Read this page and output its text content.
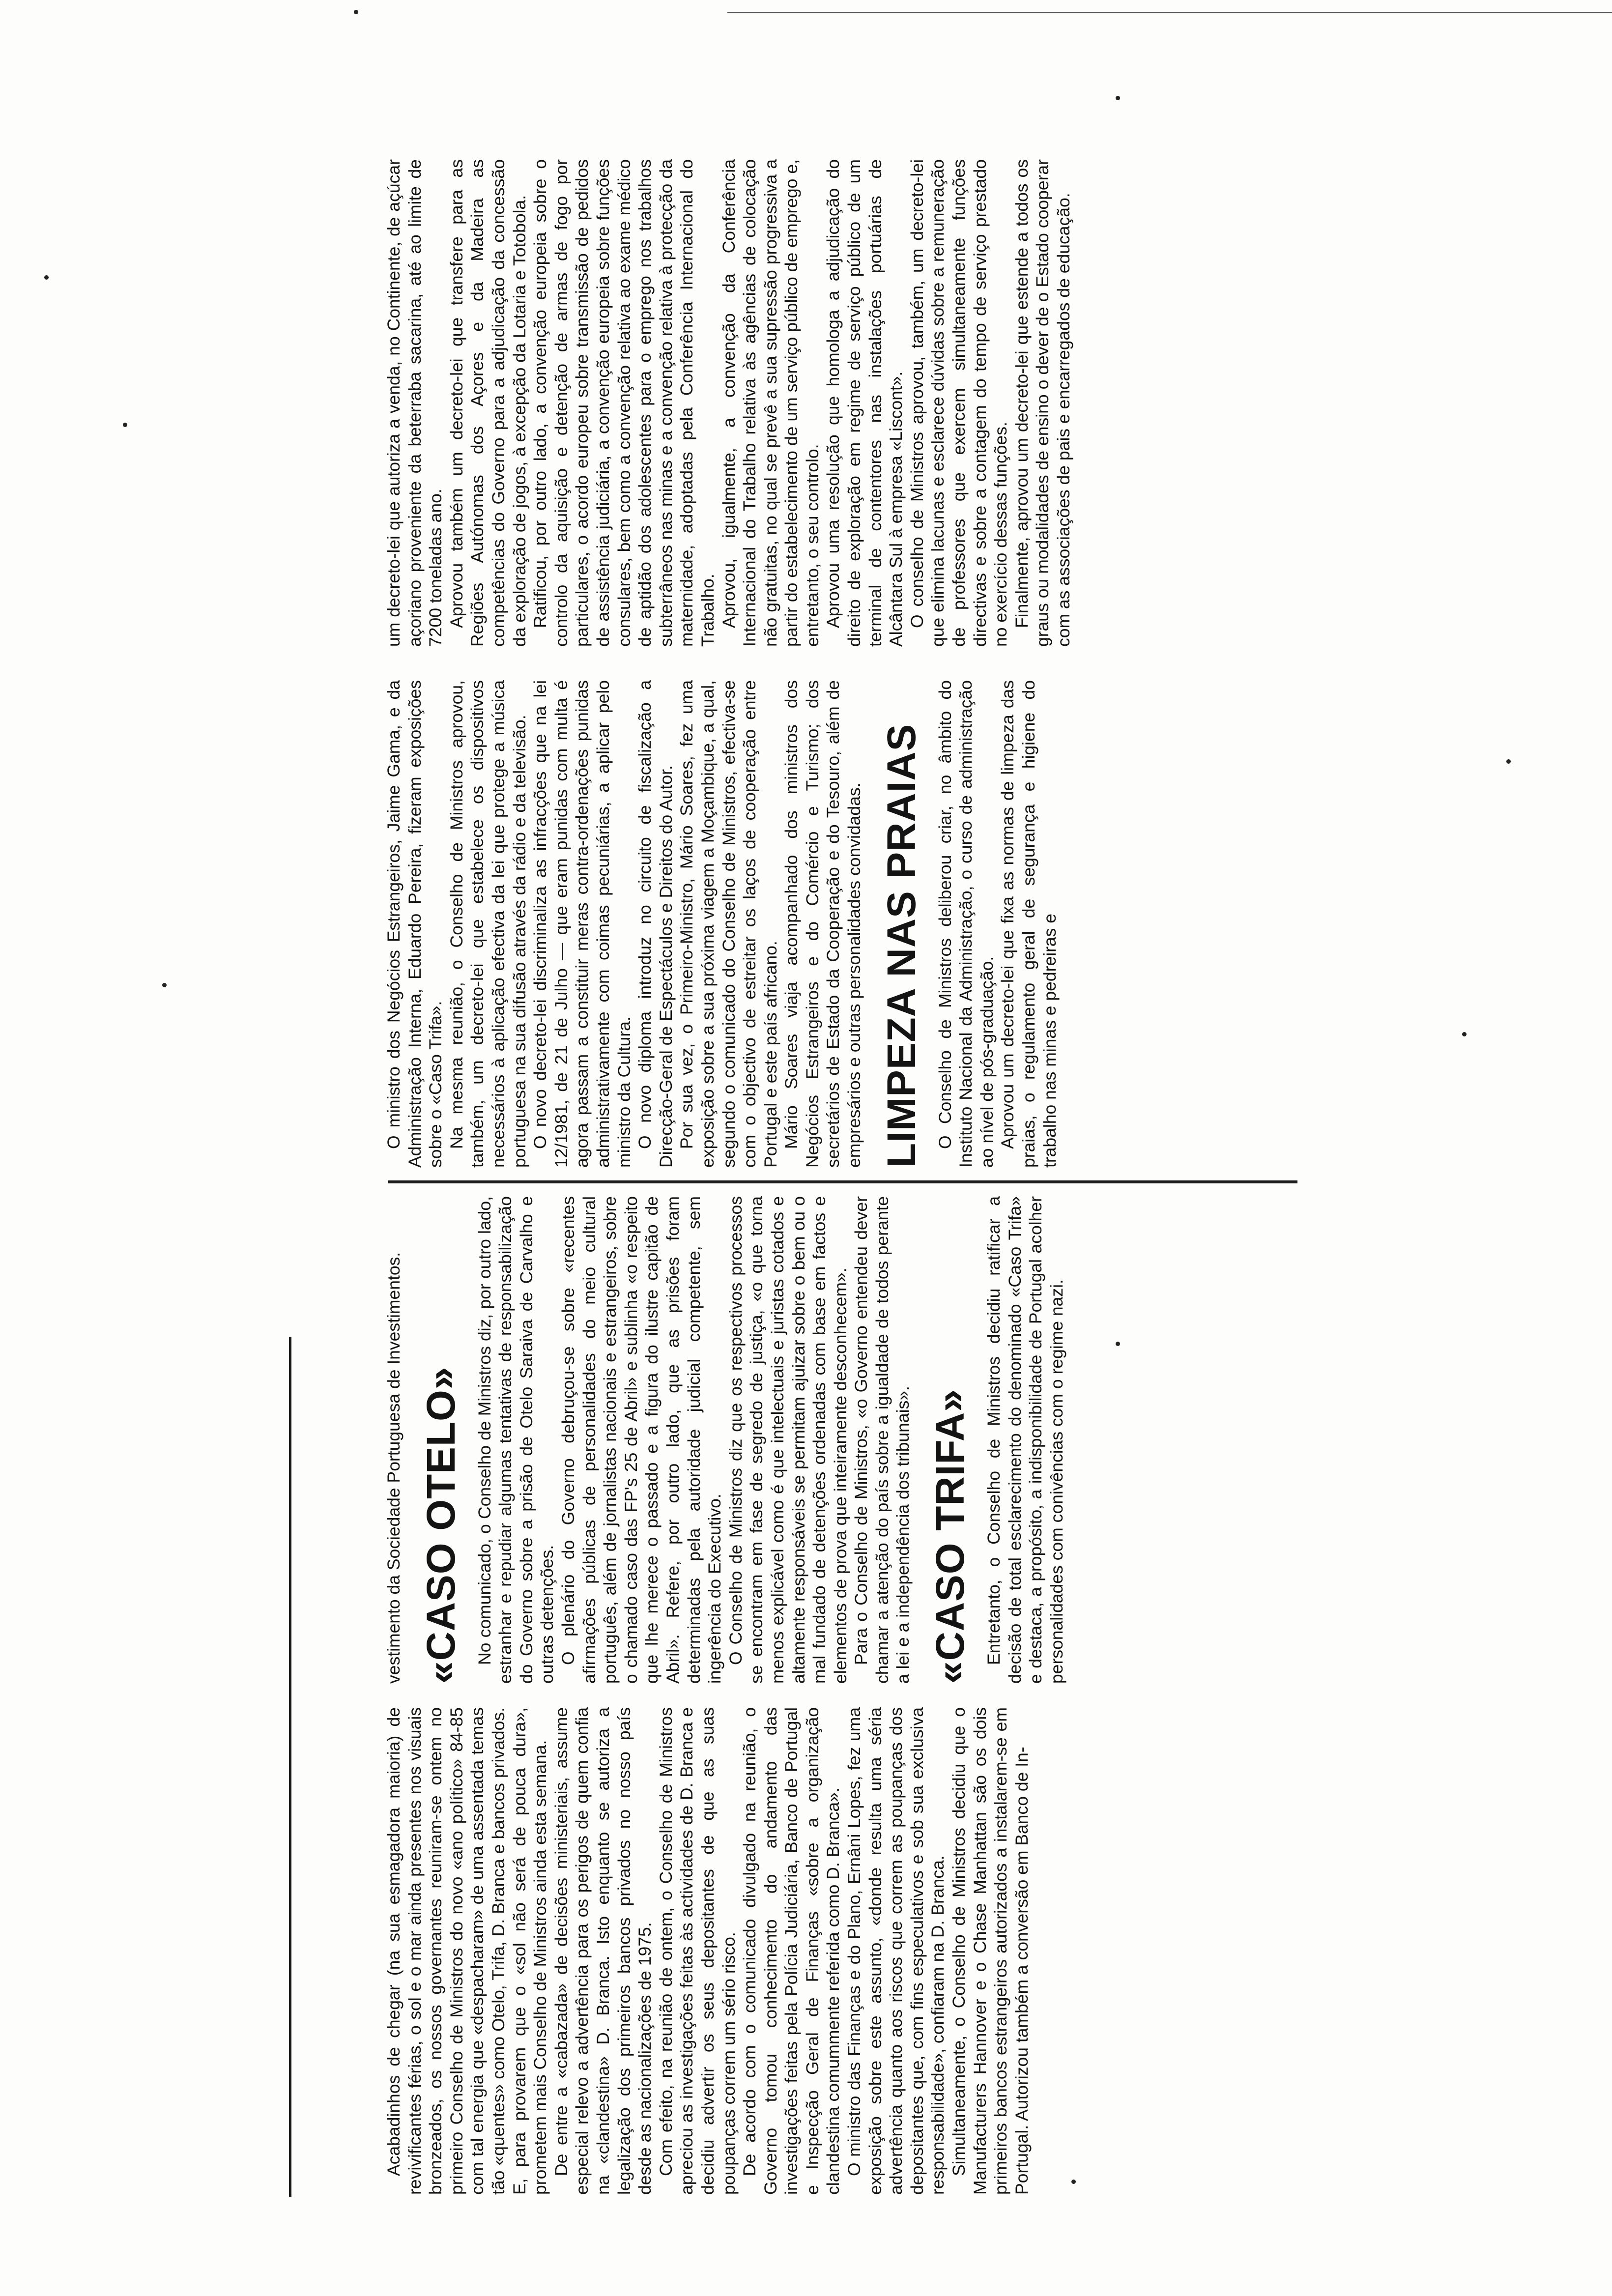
Acabadinhos de chegar (na sua esmagadora maioria) de revivificantes férias, o sol e o mar ainda presentes nos visuais bronzeados, os nossos governantes reuniram-se ontem no primeiro Conselho de Ministros do novo «ano político» 84-85 com tal energia que «despacharam» de uma assentada temas tão «quentes» como Otelo, Trifa, D. Branca e bancos privados. E, para provarem que o «sol não será de pouca dura», prometem mais Conselho de Ministros ainda esta semana. De entre a «cabazada» de decisões ministeriais, assume especial relevo a advertência para os perigos de quem confia na «clandestina» D. Branca. Isto enquanto se autoriza a legalização dos primeiros bancos privados no nosso país desde as nacionalizações de 1975. Com efeito, na reunião de ontem, o Conselho de Ministros apreciou as investigações feitas às actividades de D. Branca e decidiu advertir os seus depositantes de que as suas poupanças correm um sério risco. De acordo com o comunicado divulgado na reunião, o Governo tomou conhecimento do andamento das investigações feitas pela Polícia Judiciária, Banco de Portugal e Inspecção Geral de Finanças «sobre a organização clandestina comummente referida como D. Branca». O ministro das Finanças e do Plano, Ernâni Lopes, fez uma exposição sobre este assunto, «donde resulta uma séria advertência quanto aos riscos que correm as poupanças dos depositantes que, com fins especulativos e sob sua exclusiva responsabilidade», confiaram na D. Branca. Simultaneamente, o Conselho de Ministros decidiu que o Manufacturers Hannover e o Chase Manhattan são os dois primeiros bancos estrangeiros autorizados a instalarem-se em Portugal. Autorizou também a conversão em Banco de In-

vestimento da Sociedade Portuguesa de Investimentos. «CASO OTELO» No comunicado, o Conselho de Ministros diz, por outro lado, estranhar e repudiar algumas tentativas de responsabilização do Governo sobre a prisão de Otelo Saraiva de Carvalho e outras detenções. O plenário do Governo debruçou-se sobre «recentes afirmações públicas de personalidades do meio cultural português, além de jornalistas nacionais e estrangeiros, sobre o chamado caso das FP's 25 de Abril» e sublinha «o respeito que lhe merece o passado e a figura do ilustre capitão de Abril». Refere, por outro lado, que as prisões foram determinadas pela autoridade judicial competente, sem ingerência do Executivo. O Conselho de Ministros diz que os respectivos processos se encontram em fase de segredo de justiça, «o que torna menos explicável como é que intelectuais e juristas cotados e altamente responsáveis se permitam ajuizar sobre o bem ou o mal fundado de detenções ordenadas com base em factos e elementos de prova que inteiramente desconhecem». Para o Conselho de Ministros, «o Governo entendeu dever chamar a atenção do país sobre a igualdade de todos perante a lei e a independência dos tribunais». «CASO TRIFA» Entretanto, o Conselho de Ministros decidiu ratificar a decisão de total esclarecimento do denominado «Caso Trifa» e destaca, a propósito, a indisponibilidade de Portugal acolher personalidades com conivências com o regime nazi.

O ministro dos Negócios Estrangeiros, Jaime Gama, e da Administração Interna, Eduardo Pereira, fizeram exposições sobre o «Caso Trifa». Na mesma reunião, o Conselho de Ministros aprovou, também, um decreto-lei que estabelece os dispositivos necessários à aplicação efectiva da lei que protege a música portuguesa na sua difusão através da rádio e da televisão. O novo decreto-lei discriminaliza as infracções que na lei 12/1981, de 21 de Julho — que eram punidas com multa é agora passam a constituir meras contra-ordenações punidas administrativamente com coimas pecuniárias, a aplicar pelo ministro da Cultura. O novo diploma introduz no circuito de fiscalização a Direcção-Geral de Espectáculos e Direitos do Autor. Por sua vez, o Primeiro-Ministro, Mário Soares, fez uma exposição sobre a sua próxima viagem a Moçambique, a qual, segundo o comunicado do Conselho de Ministros, efectiva-se com o objectivo de estreitar os laços de cooperação entre Portugal e este país africano. Mário Soares viaja acompanhado dos ministros dos Negócios Estrangeiros e do Comércio e Turismo; dos secretários de Estado da Cooperação e do Tesouro, além de empresários e outras personalidades convidadas. LIMPEZA NAS PRAIAS O Conselho de Ministros deliberou criar, no âmbito do Instituto Nacional da Administração, o curso de administração ao nível de pós-graduação. Aprovou um decreto-lei que fixa as normas de limpeza das praias, o regulamento geral de segurança e higiene do trabalho nas minas e pedreiras e

um decreto-lei que autoriza a venda, no Continente, de açúcar açoriano proveniente da beterraba sacarina, até ao limite de 7200 toneladas ano. Aprovou também um decreto-lei que transfere para as Regiões Autónomas dos Açores e da Madeira as competências do Governo para a adjudicação da concessão da exploração de jogos, à excepção da Lotaria e Totobola. Ratificou, por outro lado, a convenção europeia sobre o controlo da aquisição e detenção de armas de fogo por particulares, o acordo europeu sobre transmissão de pedidos de assistência judiciária, a convenção europeia sobre funções consulares, bem como a convenção relativa ao exame médico de aptidão dos adolescentes para o emprego nos trabalhos subterrâneos nas minas e a convenção relativa à protecção da maternidade, adoptadas pela Conferência Internacional do Trabalho. Aprovou, igualmente, a convenção da Conferência Internacional do Trabalho relativa às agências de colocação não gratuitas, no qual se prevê a sua supressão progressiva a partir do estabelecimento de um serviço público de emprego e, entretanto, o seu controlo. Aprovou uma resolução que homologa a adjudicação do direito de exploração em regime de serviço público de um terminal de contentores nas instalações portuárias de Alcântara Sul à empresa «Liscont». O conselho de Ministros aprovou, também, um decreto-lei que elimina lacunas e esclarece dúvidas sobre a remuneração de professores que exercem simultaneamente funções directivas e sobre a contagem do tempo de serviço prestado no exercício dessas funções. Finalmente, aprovou um decreto-lei que estende a todos os graus ou modalidades de ensino o dever de o Estado cooperar com as associações de pais e encarregados de educação.
